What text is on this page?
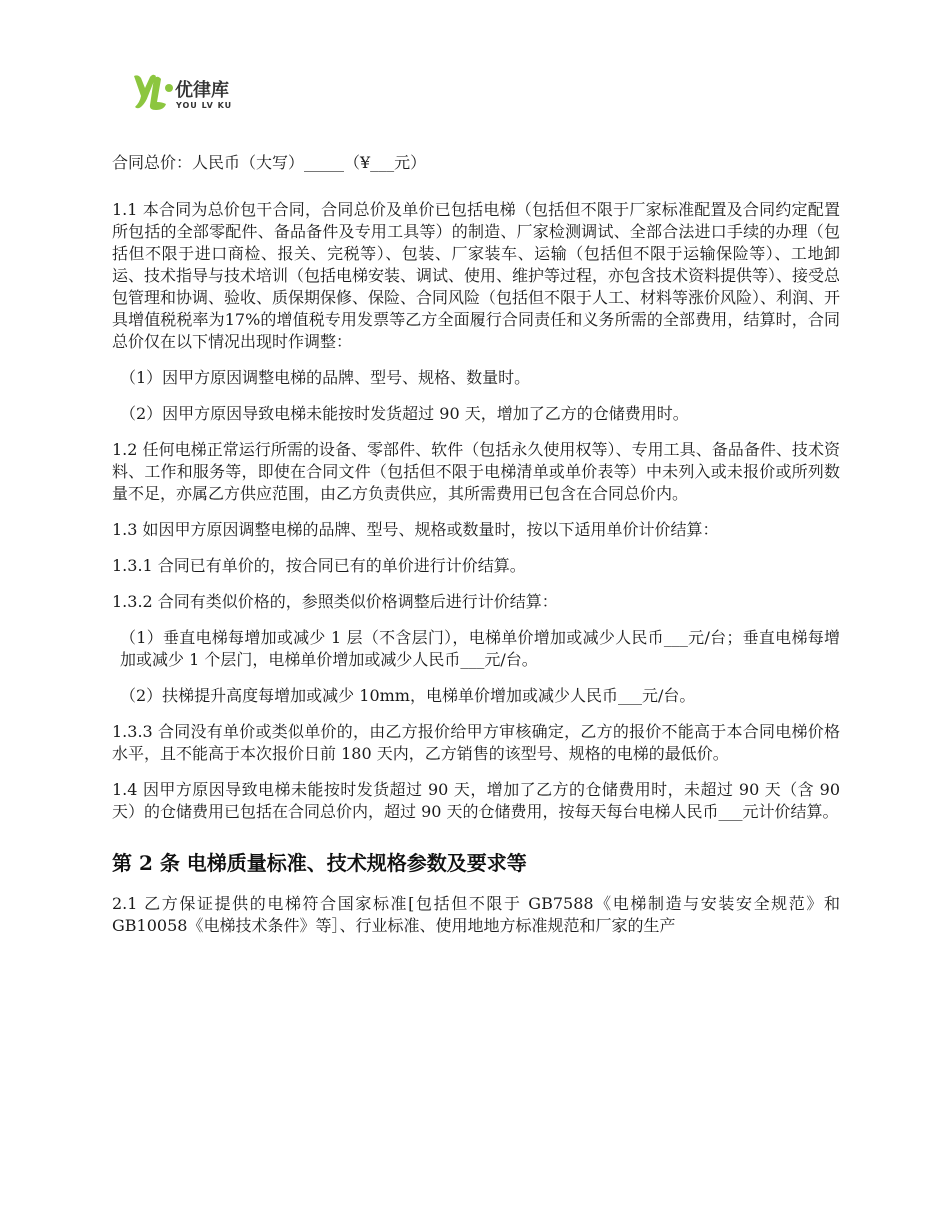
优律库
YOU LV KU

合同总价：人民币（大写）_____（¥___元）

1.1 本合同为总价包干合同，合同总价及单价已包括电梯（包括但不限于厂家标准配置及合同约定配置所包括的全部零配件、备品备件及专用工具等）的制造、厂家检测调试、全部合法进口手续的办理（包括但不限于进口商检、报关、完税等）、包装、厂家装车、运输（包括但不限于运输保险等）、工地卸运、技术指导与技术培训（包括电梯安装、调试、使用、维护等过程，亦包含技术资料提供等）、接受总包管理和协调、验收、质保期保修、保险、合同风险（包括但不限于人工、材料等涨价风险）、利润、开具增值税税率为17%的增值税专用发票等乙方全面履行合同责任和义务所需的全部费用，结算时，合同总价仅在以下情况出现时作调整：

（1）因甲方原因调整电梯的品牌、型号、规格、数量时。

（2）因甲方原因导致电梯未能按时发货超过 90 天，增加了乙方的仓储费用时。

1.2 任何电梯正常运行所需的设备、零部件、软件（包括永久使用权等）、专用工具、备品备件、技术资料、工作和服务等，即使在合同文件（包括但不限于电梯清单或单价表等）中未列入或未报价或所列数量不足，亦属乙方供应范围，由乙方负责供应，其所需费用已包含在合同总价内。

1.3 如因甲方原因调整电梯的品牌、型号、规格或数量时，按以下适用单价计价结算：

1.3.1 合同已有单价的，按合同已有的单价进行计价结算。

1.3.2 合同有类似价格的，参照类似价格调整后进行计价结算：

（1）垂直电梯每增加或减少 1 层（不含层门），电梯单价增加或减少人民币___元/台；垂直电梯每增加或减少 1 个层门，电梯单价增加或减少人民币___元/台。

（2）扶梯提升高度每增加或减少 10mm，电梯单价增加或减少人民币___元/台。

1.3.3 合同没有单价或类似单价的，由乙方报价给甲方审核确定，乙方的报价不能高于本合同电梯价格水平，且不能高于本次报价日前 180 天内，乙方销售的该型号、规格的电梯的最低价。

1.4 因甲方原因导致电梯未能按时发货超过 90 天，增加了乙方的仓储费用时，未超过 90 天（含 90 天）的仓储费用已包括在合同总价内，超过 90 天的仓储费用，按每天每台电梯人民币___元计价结算。

第 2 条 电梯质量标准、技术规格参数及要求等

2.1 乙方保证提供的电梯符合国家标准[包括但不限于 GB7588《电梯制造与安装安全规范》和 GB10058《电梯技术条件》等］、行业标准、使用地地方标准规范和厂家的生产
